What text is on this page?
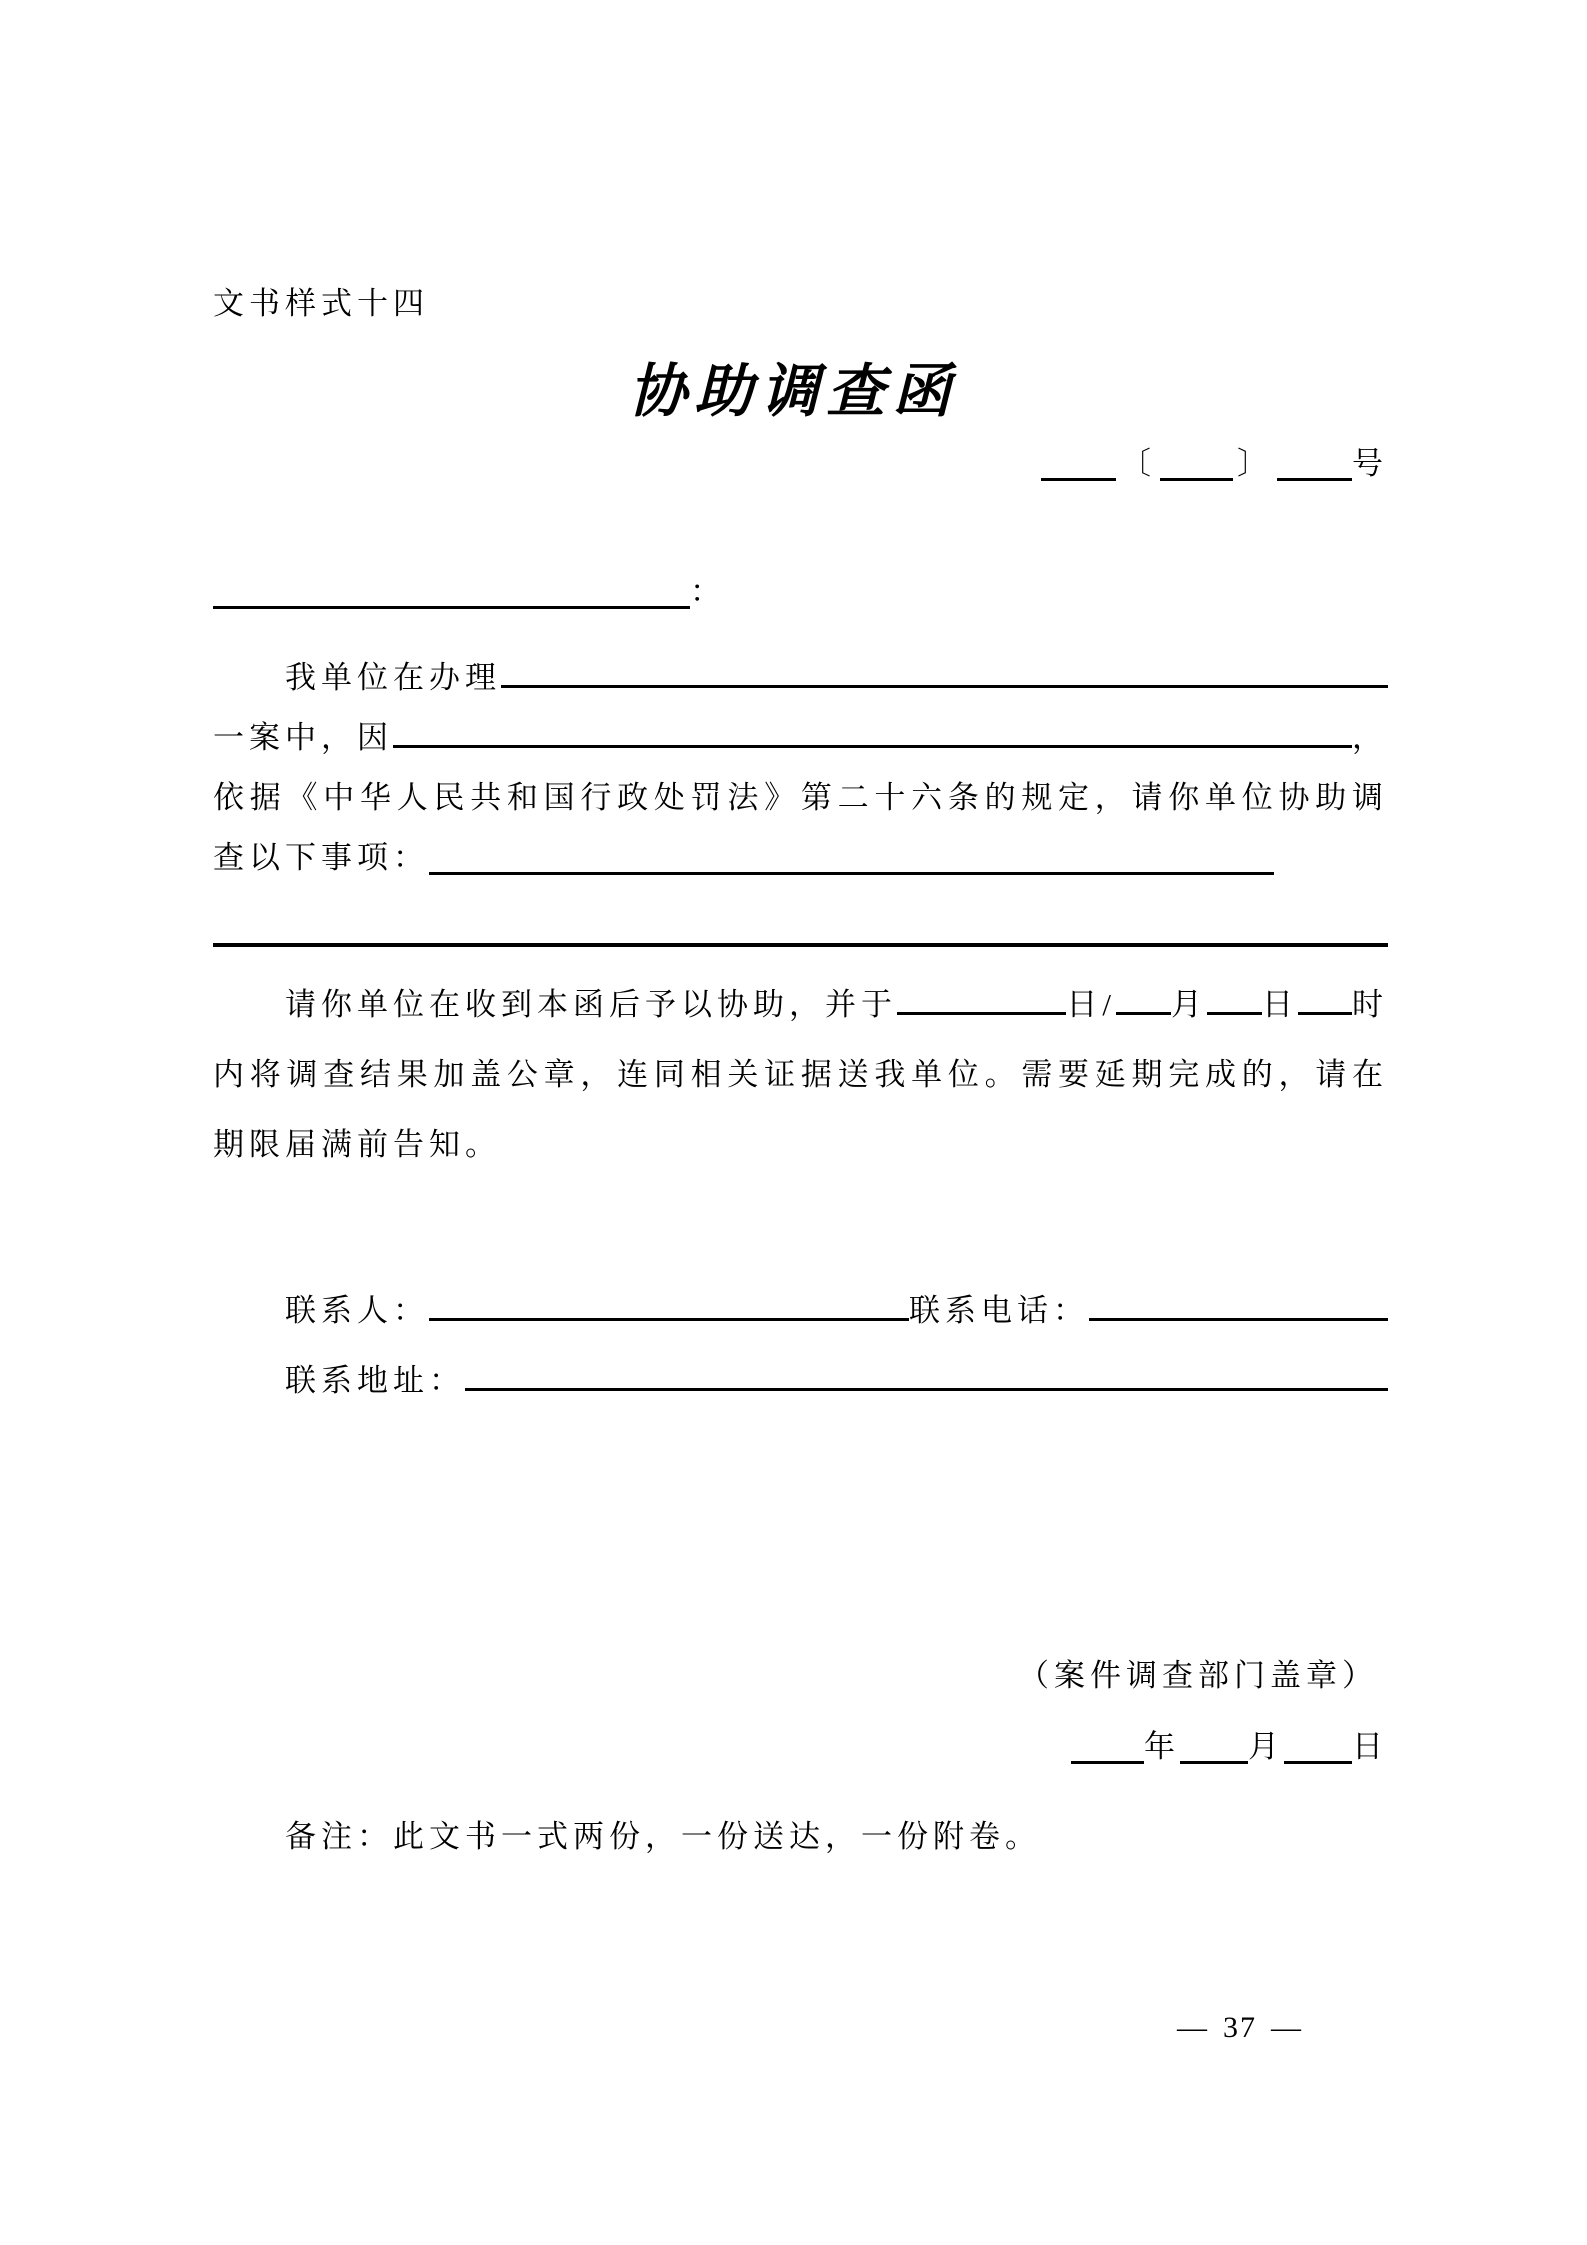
文书样式十四
协助调查函
〔	〕	号
：
我单位在办理
一案中，因	，
依据《中华人民共和国行政处罚法》第二十六条的规定，请你单位协助调
查以下事项：
请你单位在收到本函后予以协助，并于	日/ 月 日 时
内将调查结果加盖公章，连同相关证据送我单位。需要延期完成的，请在
期限届满前告知。
联系人：	联系电话：
联系地址：
（案件调查部门盖章）
年 月 日
备注：此文书一式两份，一份送达，一份附卷。
— 37 —
